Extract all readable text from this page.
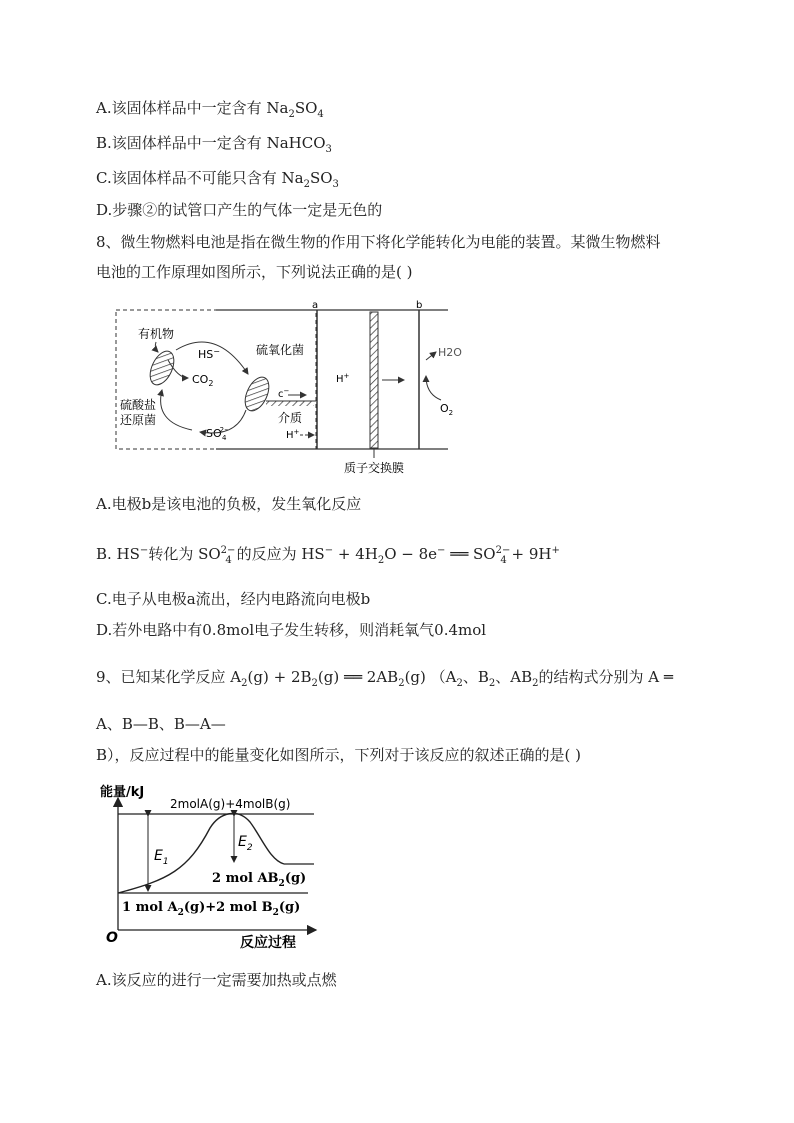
A.该固体样品中一定含有 $Na_2SO_4$
B.该固体样品中一定含有 NaHCO$_3$
C.该固体样品不可能只含有 $Na_2SO_3$
D.步骤②的试管口产生的气体一定是无色的
8、微生物燃料电池是指在微生物的作用下将化学能转化为电能的装置。某微生物燃料
电池的工作原理如图所示，下列说法正确的是( )
a	b
质子交换膜
有机物
HS−
$CO_2$
硫氧化菌
硫酸盐
还原菌
SO2− 4
c−
介质
H+
H+
H2O
$O_2$
A.电极b是该电池的负极，发生氧化反应
B. HS−转化为 $SO^{2-}_4$ 的反应为 $HS^- + 4H_2O - 8e^-$ ══ $SO^{2-}_4 + 9H^+$
C.电子从电极a流出，经内电路流向电极b
D.若外电路中有0.8mol电子发生转移，则消耗氧气0.4mol
9、已知某化学反应 $A_2(g) + 2B_2(g)$ ══ $2AB_2(g)$ （$A_2$、$B_2$、$AB_2$的结构式分别为 A ═
A、B—B、B—A—
B），反应过程中的能量变化如图所示，下列对于该反应的叙述正确的是( )
能量/kJ
反应过程
O
2molA(g)+4molB(g)
$E_1$
$E_2$
2 mol $AB_2(g)$
1 mol $A_2(g)+2$ mol $B_2(g)$
A.该反应的进行一定需要加热或点燃
